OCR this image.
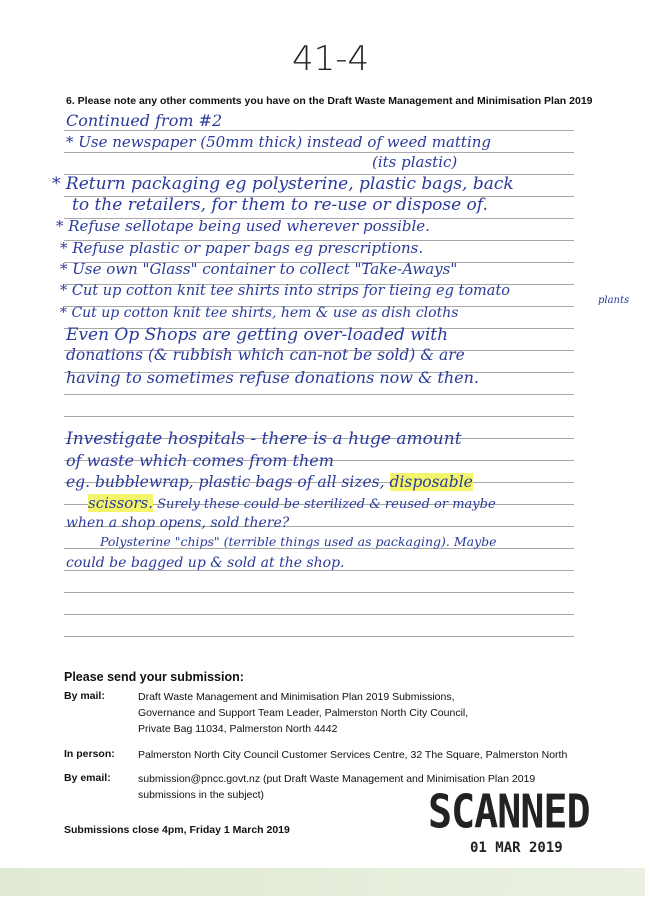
41-4
6. Please note any other comments you have on the Draft Waste Management and Minimisation Plan 2019
Continued from #2
* Use newspaper (50mm thick) instead of weed matting
(its plastic)
* Return packaging eg polysterine, plastic bags, back
to the retailers, for them to re-use or dispose of.
* Refuse sellotape being used wherever possible.
* Refuse plastic or paper bags eg prescriptions.
* Use own "Glass" container to collect "Take-Aways"
* Cut up cotton knit tee shirts into strips for tieing eg tomato
plants
* Cut up cotton knit tee shirts, hem & use as dish cloths
Even Op Shops are getting over-loaded with
donations (& rubbish which can-not be sold) & are
having to sometimes refuse donations now & then.
Investigate hospitals - there is a huge amount
of waste which comes from them
eg. bubblewrap, plastic bags of all sizes, disposable
scissors. Surely these could be sterilized & reused or maybe
when a shop opens, sold there?
Polysterine "chips" (terrible things used as packaging). Maybe
could be bagged up & sold at the shop.
Please send your submission:
By mail:	Draft Waste Management and Minimisation Plan 2019 Submissions,
Governance and Support Team Leader, Palmerston North City Council,
Private Bag 11034, Palmerston North 4442
In person: Palmerston North City Council Customer Services Centre, 32 The Square, Palmerston North
By email:	submission@pncc.govt.nz (put Draft Waste Management and Minimisation Plan 2019
submissions in the subject)
Submissions close 4pm, Friday 1 March 2019	SCANNED
01 MAR 2019
